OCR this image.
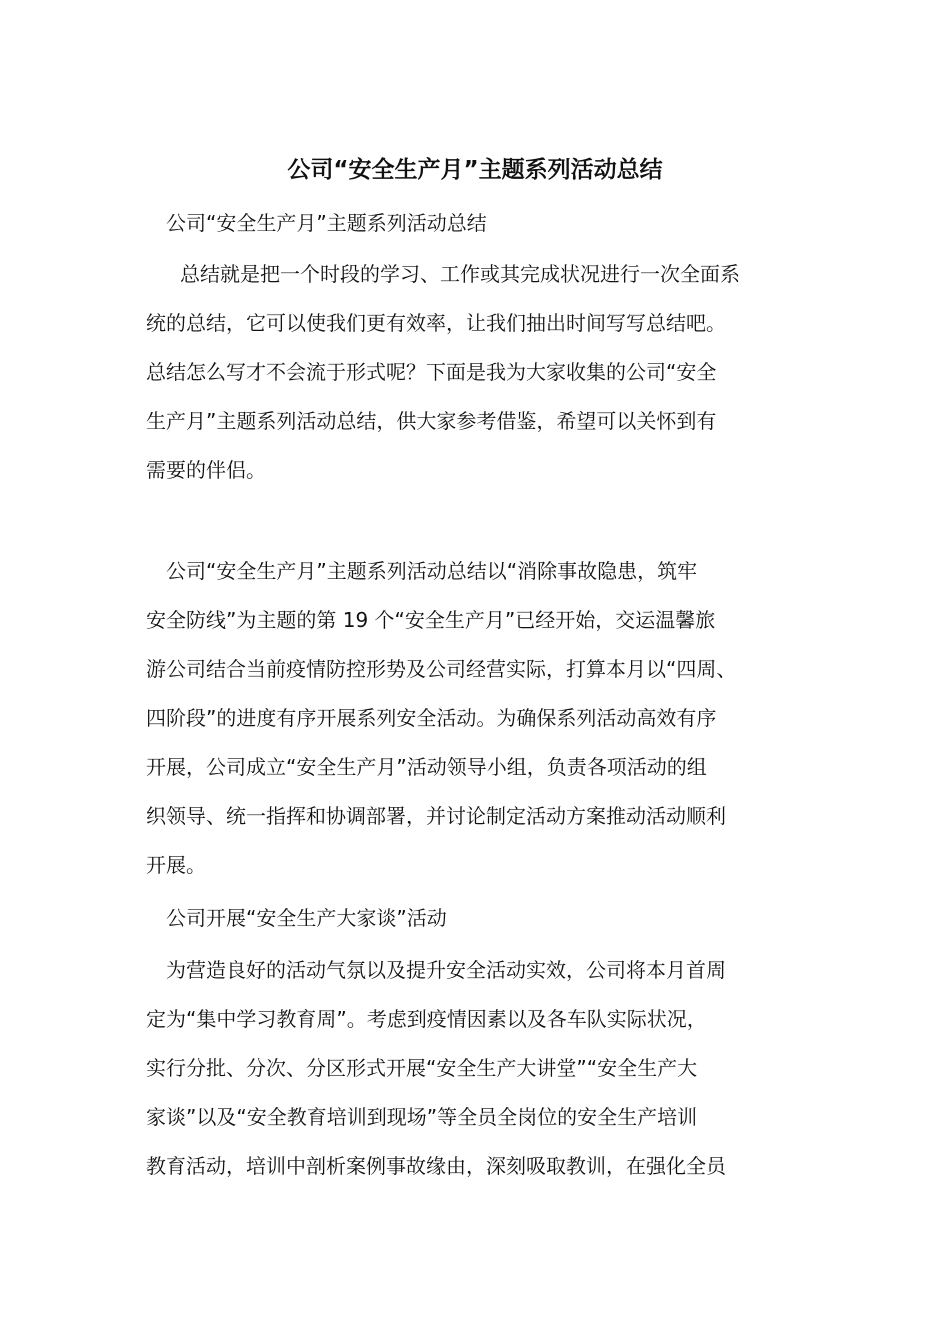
公司“安全生产月”主题系列活动总结
公司“安全生产月”主题系列活动总结
总结就是把一个时段的学习、工作或其完成状况进行一次全面系
统的总结，它可以使我们更有效率，让我们抽出时间写写总结吧。
总结怎么写才不会流于形式呢？下面是我为大家收集的公司“安全
生产月”主题系列活动总结，供大家参考借鉴，希望可以关怀到有
需要的伴侣。
公司“安全生产月”主题系列活动总结以“消除事故隐患，筑牢
安全防线”为主题的第 19 个“安全生产月”已经开始，交运温馨旅
游公司结合当前疫情防控形势及公司经营实际，打算本月以“四周、
四阶段”的进度有序开展系列安全活动。为确保系列活动高效有序
开展，公司成立“安全生产月”活动领导小组，负责各项活动的组
织领导、统一指挥和协调部署，并讨论制定活动方案推动活动顺利
开展。
公司开展“安全生产大家谈”活动
为营造良好的活动气氛以及提升安全活动实效，公司将本月首周
定为“集中学习教育周”。考虑到疫情因素以及各车队实际状况，
实行分批、分次、分区形式开展“安全生产大讲堂”“安全生产大
家谈”以及“安全教育培训到现场”等全员全岗位的安全生产培训
教育活动，培训中剖析案例事故缘由，深刻吸取教训，在强化全员
